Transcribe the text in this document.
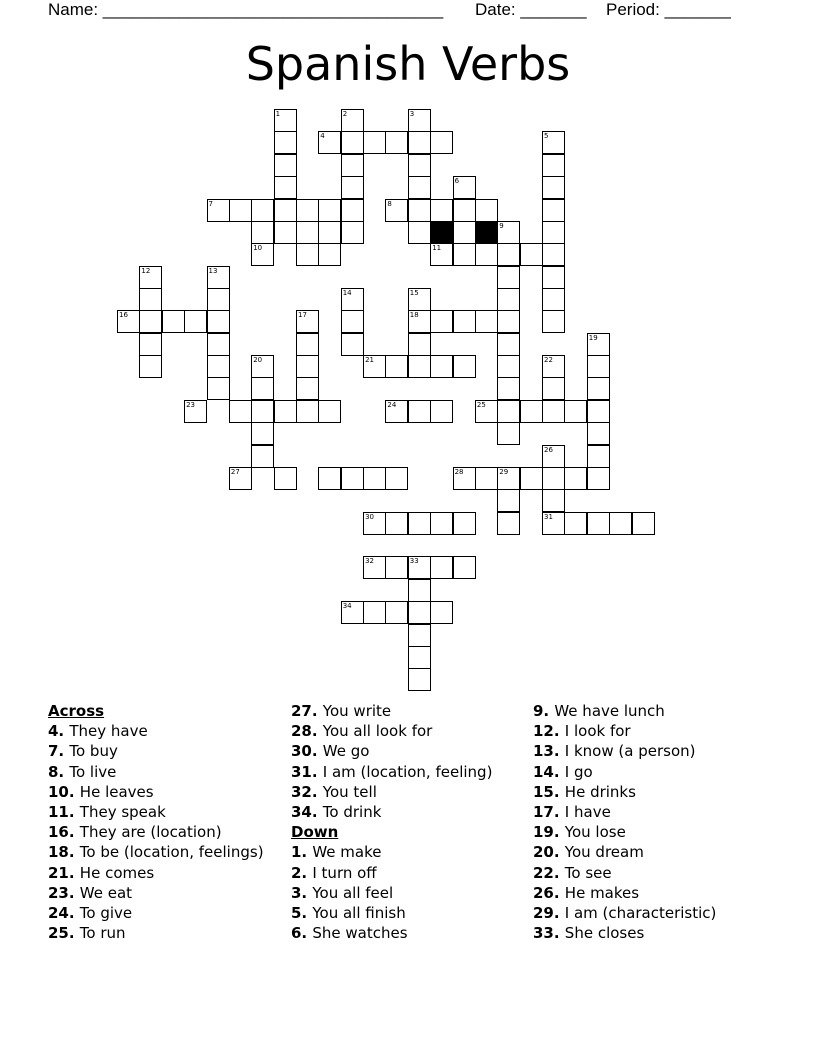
Name: ____________________________________ Date: _______ Period: _______
Spanish Verbs
1	2	3
4	5
6
7	8
9
10	11
12	13
14	15
16	17	18
19
20	21	22
23	24	25
26
27	28	29
30	31
32	33
34
Across
4. They have
7. To buy
8. To live
10. He leaves
11. They speak
16. They are (location)
18. To be (location, feelings)
21. He comes
23. We eat
24. To give
25. To run
27. You write
28. You all look for
30. We go
31. I am (location, feeling)
32. You tell
34. To drink
Down
1. We make
2. I turn off
3. You all feel
5. You all finish
6. She watches
9. We have lunch
12. I look for
13. I know (a person)
14. I go
15. He drinks
17. I have
19. You lose
20. You dream
22. To see
26. He makes
29. I am (characteristic)
33. She closes
